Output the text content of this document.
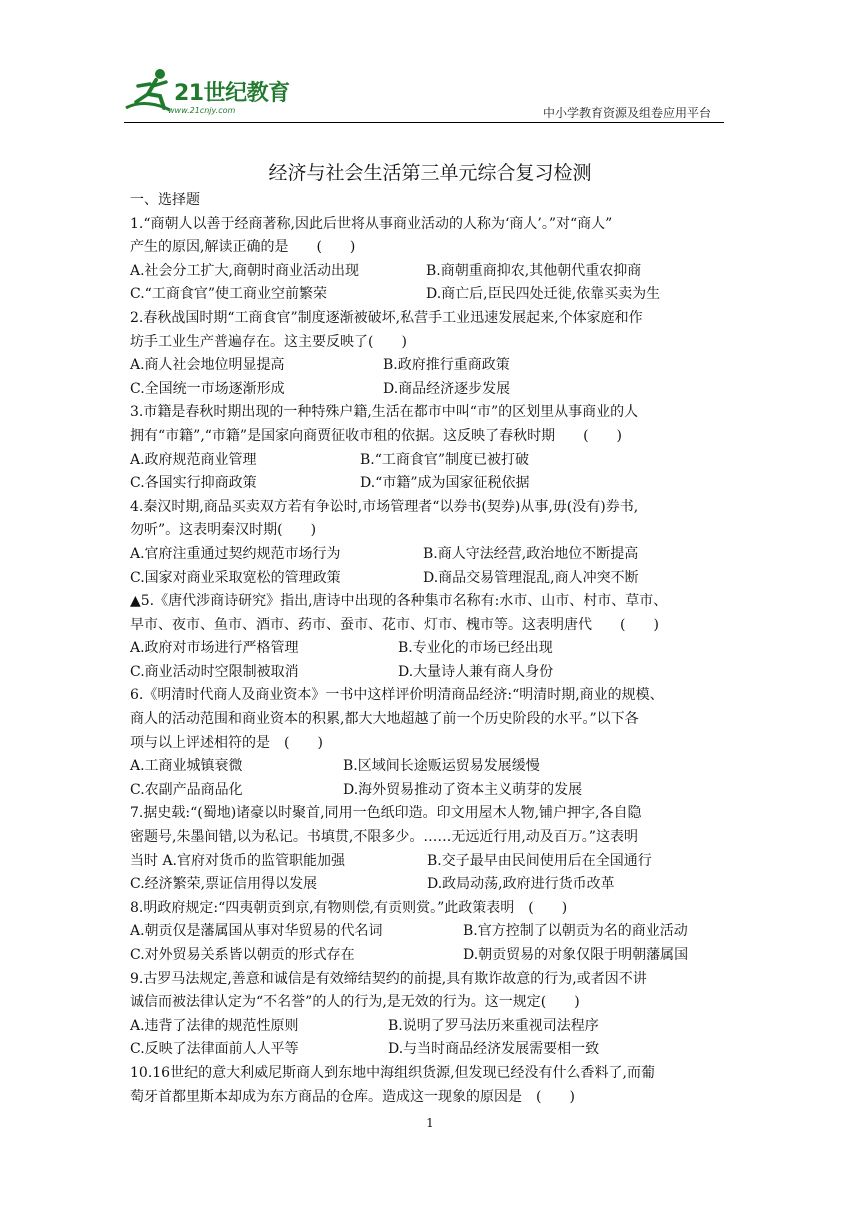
21世纪教育
www.21cnjy.com	中小学教育资源及组卷应用平台
经济与社会生活第三单元综合复习检测
一、选择题
1.“商朝人以善于经商著称,因此后世将从事商业活动的人称为‘商人’。”对“商人”
产生的原因,解读正确的是　　(　　)
A.社会分工扩大,商朝时商业活动出现	B.商朝重商抑农,其他朝代重农抑商
C.“工商食官”使工商业空前繁荣	D.商亡后,臣民四处迁徙,依靠买卖为生
2.春秋战国时期“工商食官”制度逐渐被破坏,私营手工业迅速发展起来,个体家庭和作
坊手工业生产普遍存在。这主要反映了(　　)
A.商人社会地位明显提高	B.政府推行重商政策
C.全国统一市场逐渐形成	D.商品经济逐步发展
3.市籍是春秋时期出现的一种特殊户籍,生活在都市中叫“市”的区划里从事商业的人
拥有“市籍”,“市籍”是国家向商贾征收市租的依据。这反映了春秋时期　　(　　)
A.政府规范商业管理	B.“工商食官”制度已被打破
C.各国实行抑商政策	D.“市籍”成为国家征税依据
4.秦汉时期,商品买卖双方若有争讼时,市场管理者“以券书(契券)从事,毋(没有)券书,
勿听”。这表明秦汉时期(　　)
A.官府注重通过契约规范市场行为	B.商人守法经营,政治地位不断提高
C.国家对商业采取宽松的管理政策	D.商品交易管理混乱,商人冲突不断
▲5.《唐代涉商诗研究》指出,唐诗中出现的各种集市名称有:水市、山市、村市、草市、
早市、夜市、鱼市、酒市、药市、蚕市、花市、灯市、槐市等。这表明唐代　　(　　)
A.政府对市场进行严格管理	B.专业化的市场已经出现
C.商业活动时空限制被取消	D.大量诗人兼有商人身份
6.《明清时代商人及商业资本》一书中这样评价明清商品经济:“明清时期,商业的规模、
商人的活动范围和商业资本的积累,都大大地超越了前一个历史阶段的水平。”以下各
项与以上评述相符的是　(　　)
A.工商业城镇衰微	B.区域间长途贩运贸易发展缓慢
C.农副产品商品化	D.海外贸易推动了资本主义萌芽的发展
7.据史载:“(蜀地)诸豪以时聚首,同用一色纸印造。印文用屋木人物,铺户押字,各自隐
密题号,朱墨间错,以为私记。书填贯,不限多少。……无远近行用,动及百万。”这表明
当时 A.官府对货币的监管职能加强	B.交子最早由民间使用后在全国通行
C.经济繁荣,票证信用得以发展	D.政局动荡,政府进行货币改革
8.明政府规定:“四夷朝贡到京,有物则偿,有贡则赏。”此政策表明　(　　)
A.朝贡仅是藩属国从事对华贸易的代名词	B.官方控制了以朝贡为名的商业活动
C.对外贸易关系皆以朝贡的形式存在	D.朝贡贸易的对象仅限于明朝藩属国
9.古罗马法规定,善意和诚信是有效缔结契约的前提,具有欺诈故意的行为,或者因不讲
诚信而被法律认定为“不名誉”的人的行为,是无效的行为。这一规定(　　)
A.违背了法律的规范性原则	B.说明了罗马法历来重视司法程序
C.反映了法律面前人人平等	D.与当时商品经济发展需要相一致
10.16世纪的意大利威尼斯商人到东地中海组织货源,但发现已经没有什么香料了,而葡
萄牙首都里斯本却成为东方商品的仓库。造成这一现象的原因是　(　　)
1
